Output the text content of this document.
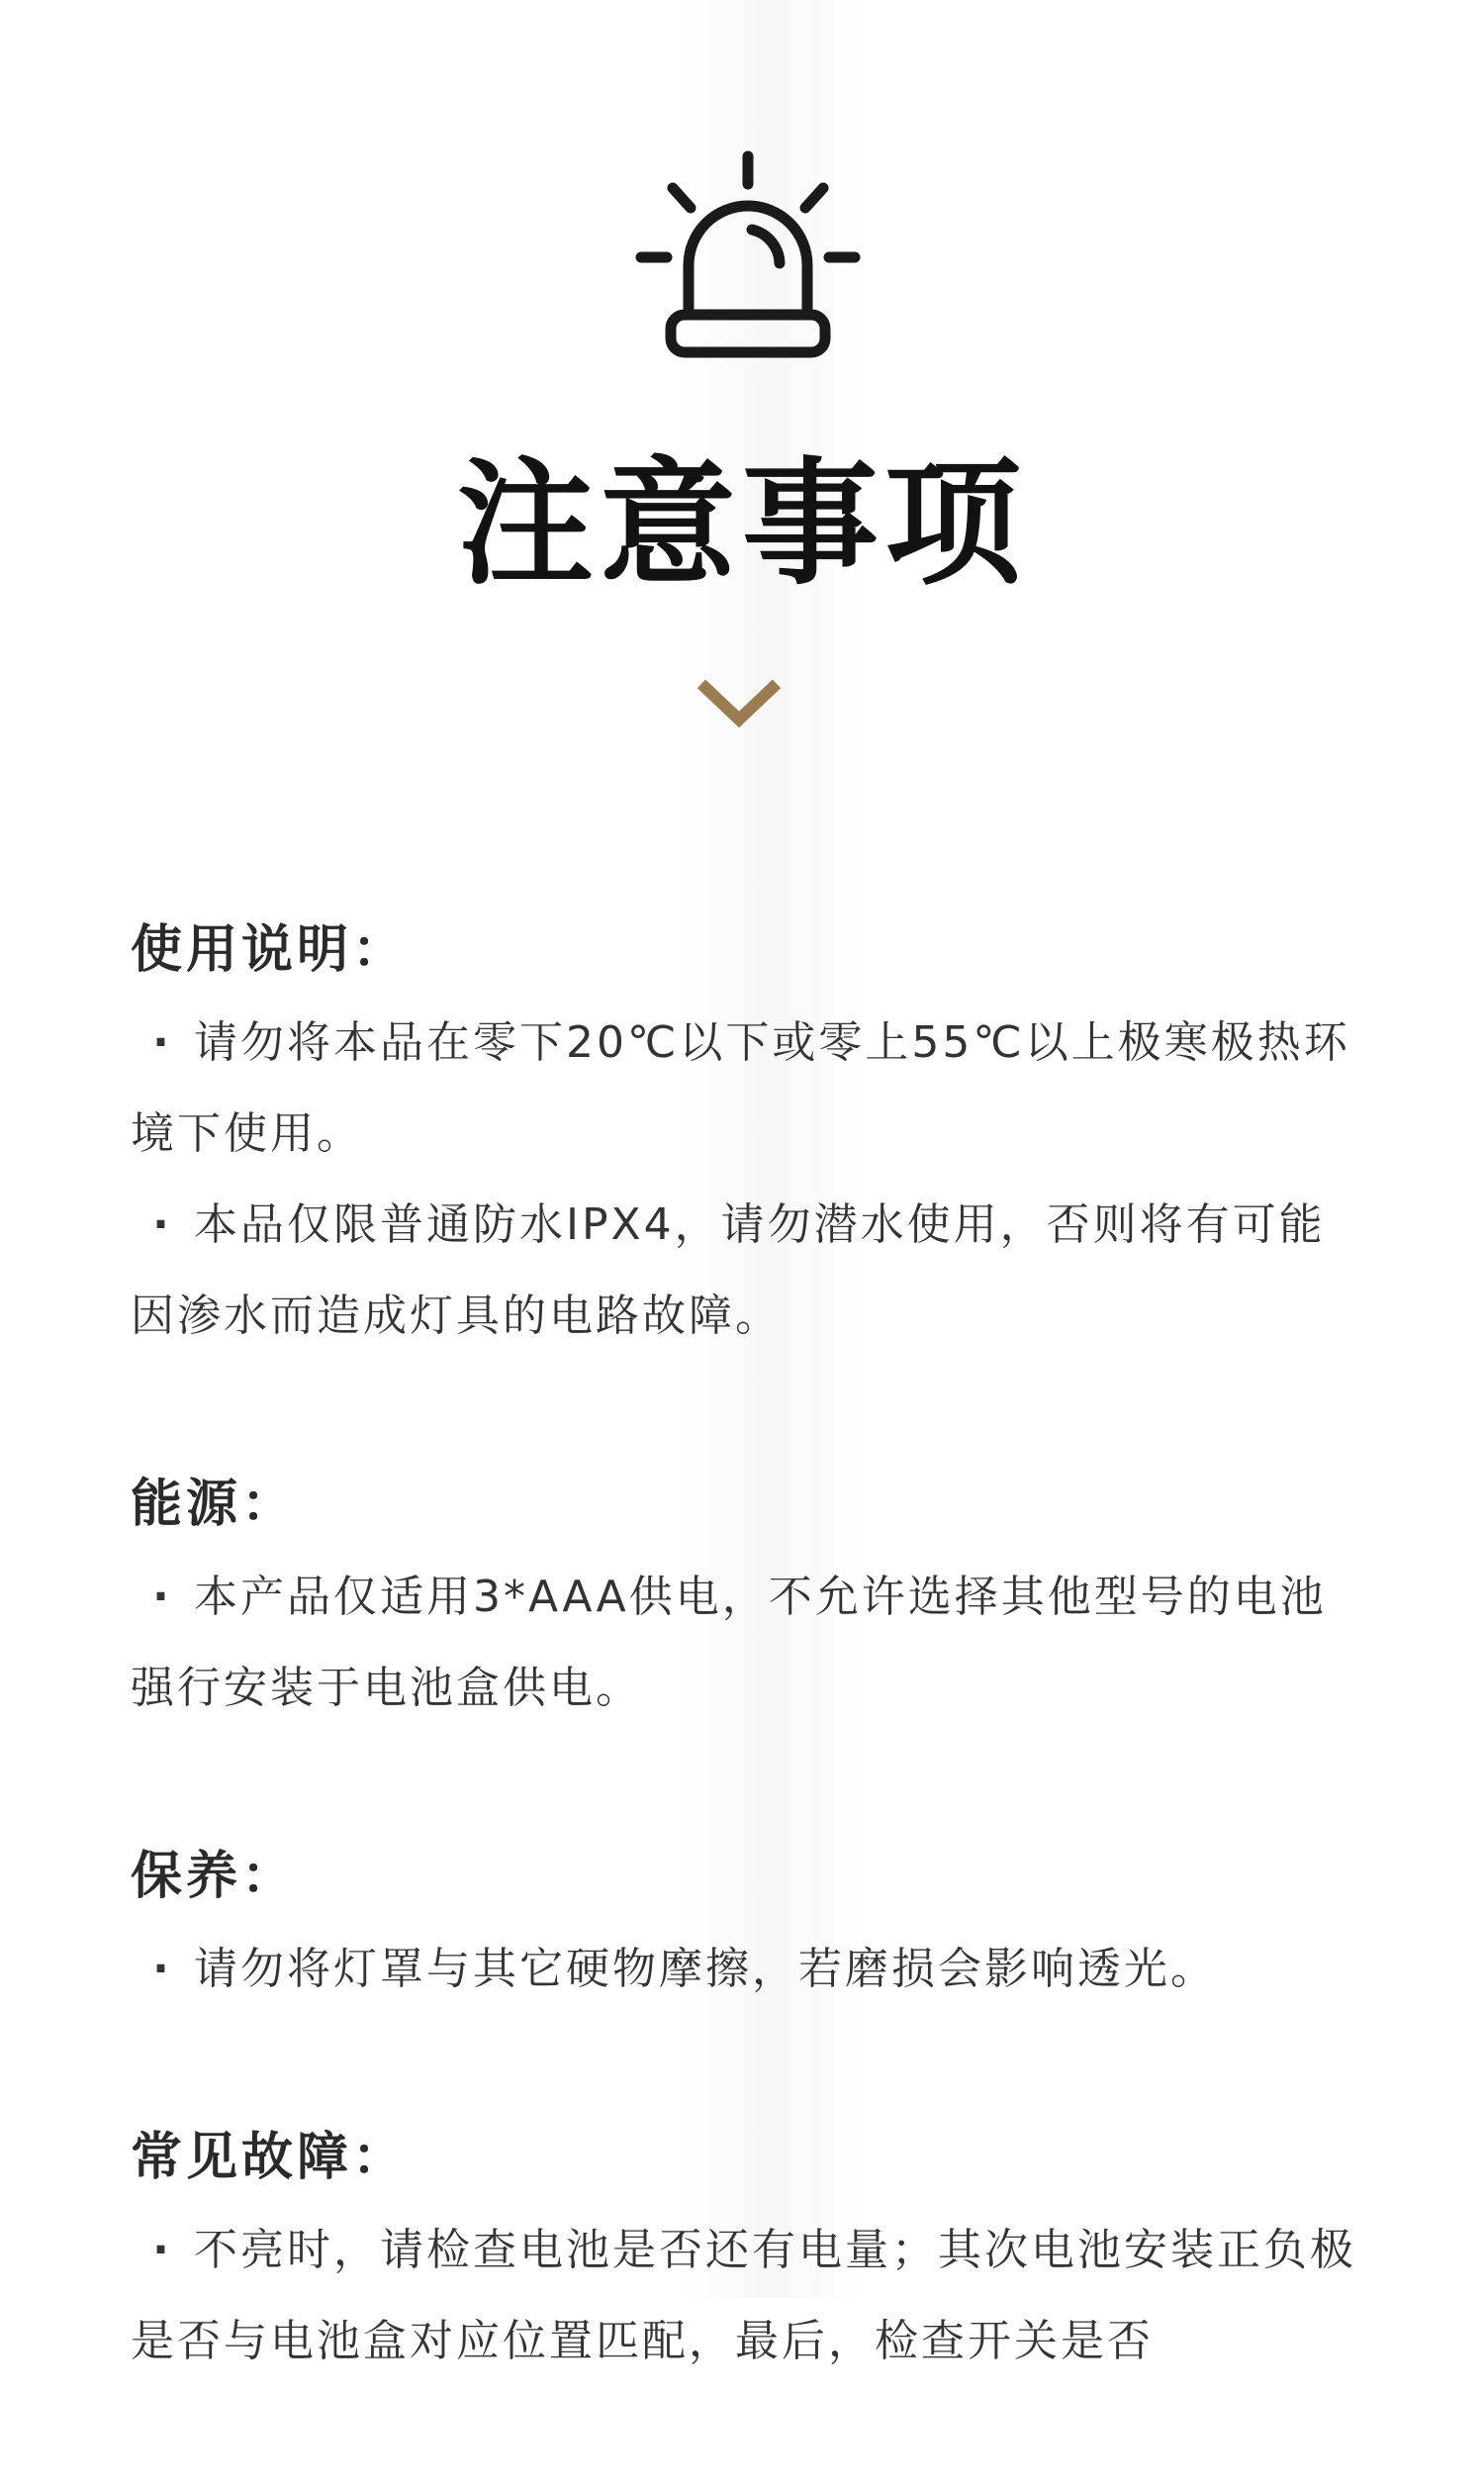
注意事项
使用说明：
· 请勿将本品在零下20℃以下或零上55℃以上极寒极热环境下使用。
· 本品仅限普通防水IPX4，请勿潜水使用，否则将有可能因渗水而造成灯具的电路故障。
能源：
· 本产品仅适用3*AAA供电，不允许选择其他型号的电池强行安装于电池盒供电。
保养：
· 请勿将灯罩与其它硬物摩擦，若磨损会影响透光。
常见故障：
· 不亮时，请检查电池是否还有电量；其次电池安装正负极是否与电池盒对应位置匹配，最后，检查开关是否
